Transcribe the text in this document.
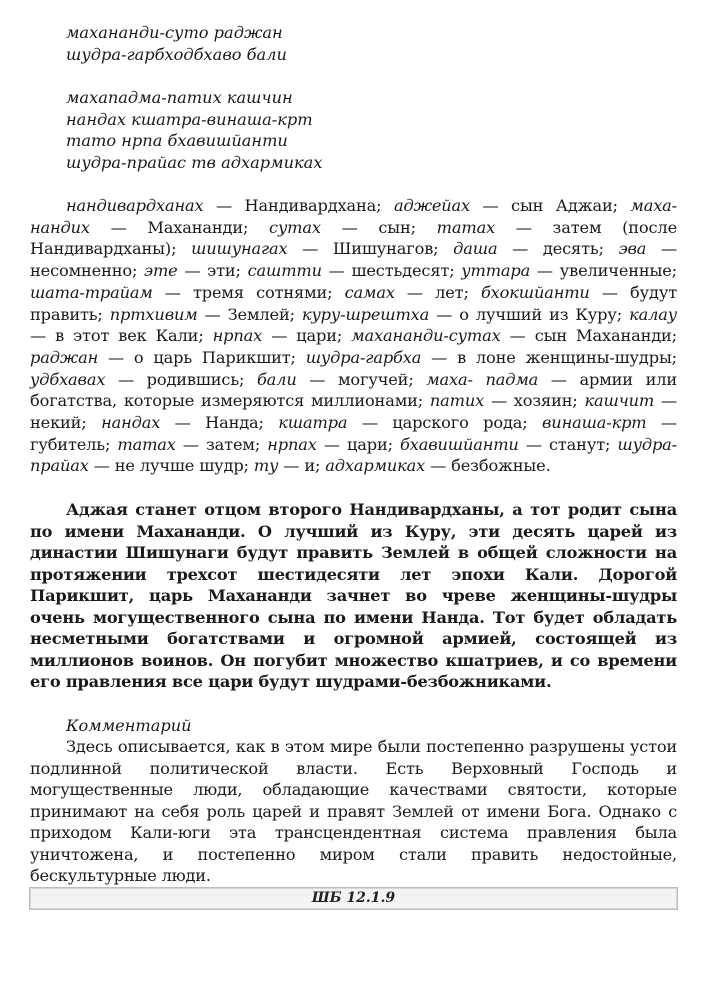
махананди-суто раджан
шудра-гарбходбхаво бали
махападма-патих кашчин
нандах кшатра-винаша-крт
тато нрпа бхавишйанти
шудра-прайас тв адхармиках

нандивардханах — Нандивардхана; аджейах — сын Аджаи; маха- нандих — Махананди; сутах — сын; татах — затем (после Нандивардханы); шишунагах — Шишунагов; даша — десять; эва — несомненно; эте — эти; саштти — шестьдесят; уттара — увеличенные; шата-трайам — тремя сотнями; самах — лет; бхокшйанти — будут править; пртхивим — Землей; куру-шрештха — о лучший из Куру; калау — в этот век Кали; нрпах — цари; махананди-сутах — сын Махананди; раджан — о царь Парикшит; шудра-гарбха — в лоне женщины-шудры; удбхавах — родившись; бали — могучей; маха- падма — армии или богатства, которые измеряются миллионами; патих — хозяин; кашчит — некий; нандах — Нанда; кшатра — царского рода; винаша-крт — губитель; татах — затем; нрпах — цари; бхавишйанти — станут; шудра-прайах — не лучше шудр; ту — и; адхармиках — безбожные.

Аджая станет отцом второго Нандивардханы, а тот родит сына по имени Махананди. О лучший из Куру, эти десять царей из династии Шишунаги будут править Землей в общей сложности на протяжении трехсот шестидесяти лет эпохи Кали. Дорогой Парикшит, царь Махананди зачнет во чреве женщины-шудры очень могущественного сына по имени Нанда. Тот будет обладать несметными богатствами и огромной армией, состоящей из миллионов воинов. Он погубит множество кшатриев, и со времени его правления все цари будут шудрами-безбожниками.

Комментарий

Здесь описывается, как в этом мире были постепенно разрушены устои подлинной политической власти. Есть Верховный Господь и могущественные люди, обладающие качествами святости, которые принимают на себя роль царей и правят Землей от имени Бога. Однако с приходом Кали-юги эта трансцендентная система правления была уничтожена, и постепенно миром стали править недостойные, бескультурные люди.

ШБ 12.1.9
